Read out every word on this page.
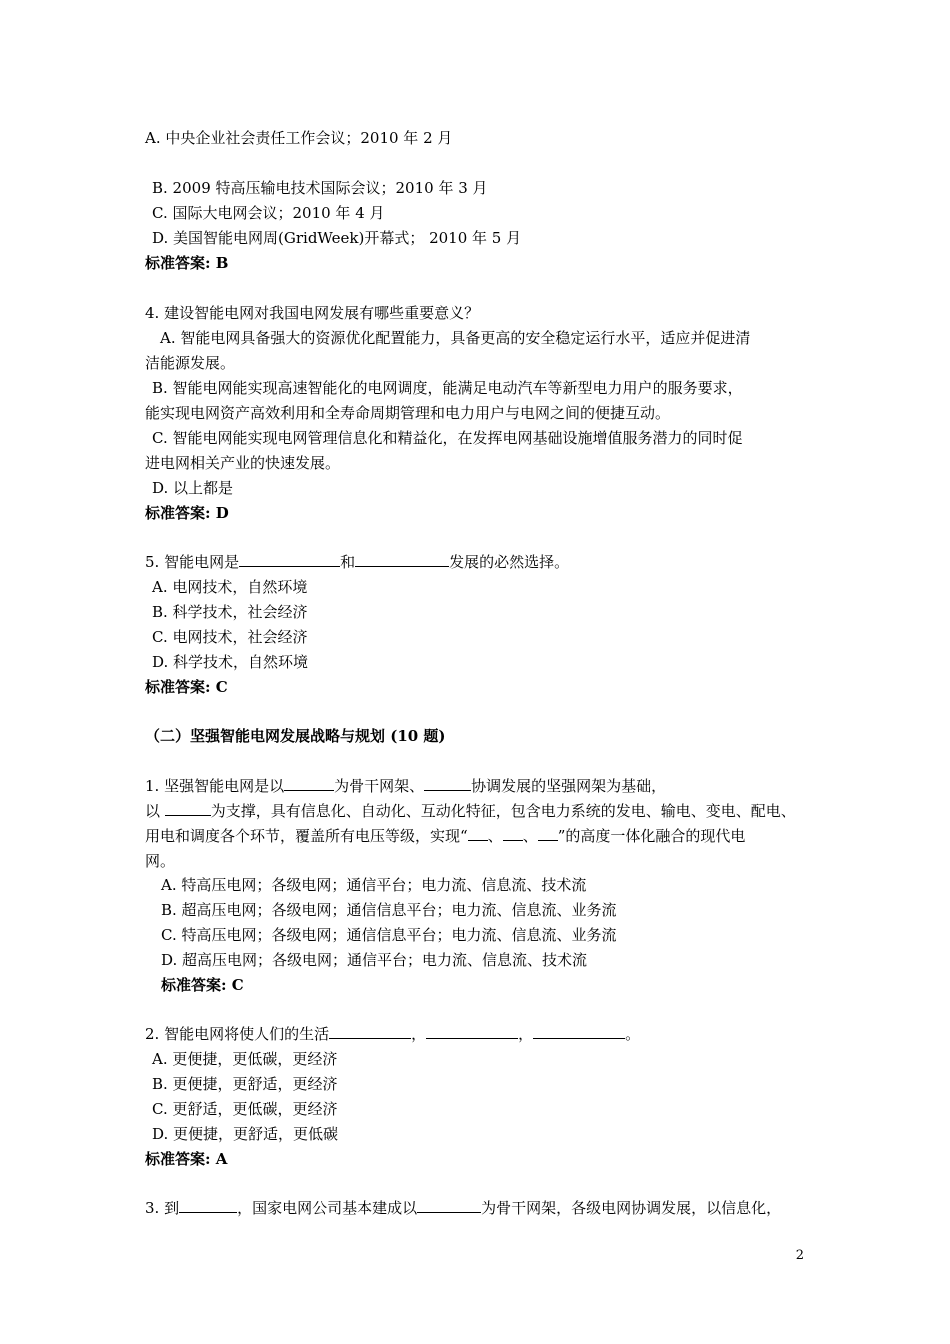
A. 中央企业社会责任工作会议；2010 年 2 月
B. 2009 特高压输电技术国际会议；2010 年 3 月
C. 国际大电网会议；2010 年 4 月
D. 美国智能电网周(GridWeek)开幕式； 2010 年 5 月
标准答案: B
4. 建设智能电网对我国电网发展有哪些重要意义？
A. 智能电网具备强大的资源优化配置能力，具备更高的安全稳定运行水平，适应并促进清
洁能源发展。
B. 智能电网能实现高速智能化的电网调度，能满足电动汽车等新型电力用户的服务要求，
能实现电网资产高效利用和全寿命周期管理和电力用户与电网之间的便捷互动。
C. 智能电网能实现电网管理信息化和精益化，在发挥电网基础设施增值服务潜力的同时促
进电网相关产业的快速发展。
D. 以上都是
标准答案: D
5. 智能电网是	和	发展的必然选择。
A. 电网技术，自然环境
B. 科学技术，社会经济
C. 电网技术，社会经济
D. 科学技术，自然环境
标准答案: C
（二）坚强智能电网发展战略与规划 (10 题)
1. 坚强智能电网是以	为骨干网架、	协调发展的坚强网架为基础，
以	为支撑，具有信息化、自动化、互动化特征，包含电力系统的发电、输电、变电、配电、
用电和调度各个环节，覆盖所有电压等级，实现“ 、 、 ”的高度一体化融合的现代电
网。
A. 特高压电网；各级电网；通信平台；电力流、信息流、技术流
B. 超高压电网；各级电网；通信信息平台；电力流、信息流、业务流
C. 特高压电网；各级电网；通信信息平台；电力流、信息流、业务流
D. 超高压电网；各级电网；通信平台；电力流、信息流、技术流
标准答案: C
2. 智能电网将使人们的生活	，	，	。
A. 更便捷，更低碳，更经济
B. 更便捷，更舒适，更经济
C. 更舒适，更低碳，更经济
D. 更便捷，更舒适，更低碳
标准答案: A
3. 到	，国家电网公司基本建成以	为骨干网架，各级电网协调发展，以信息化，
2
